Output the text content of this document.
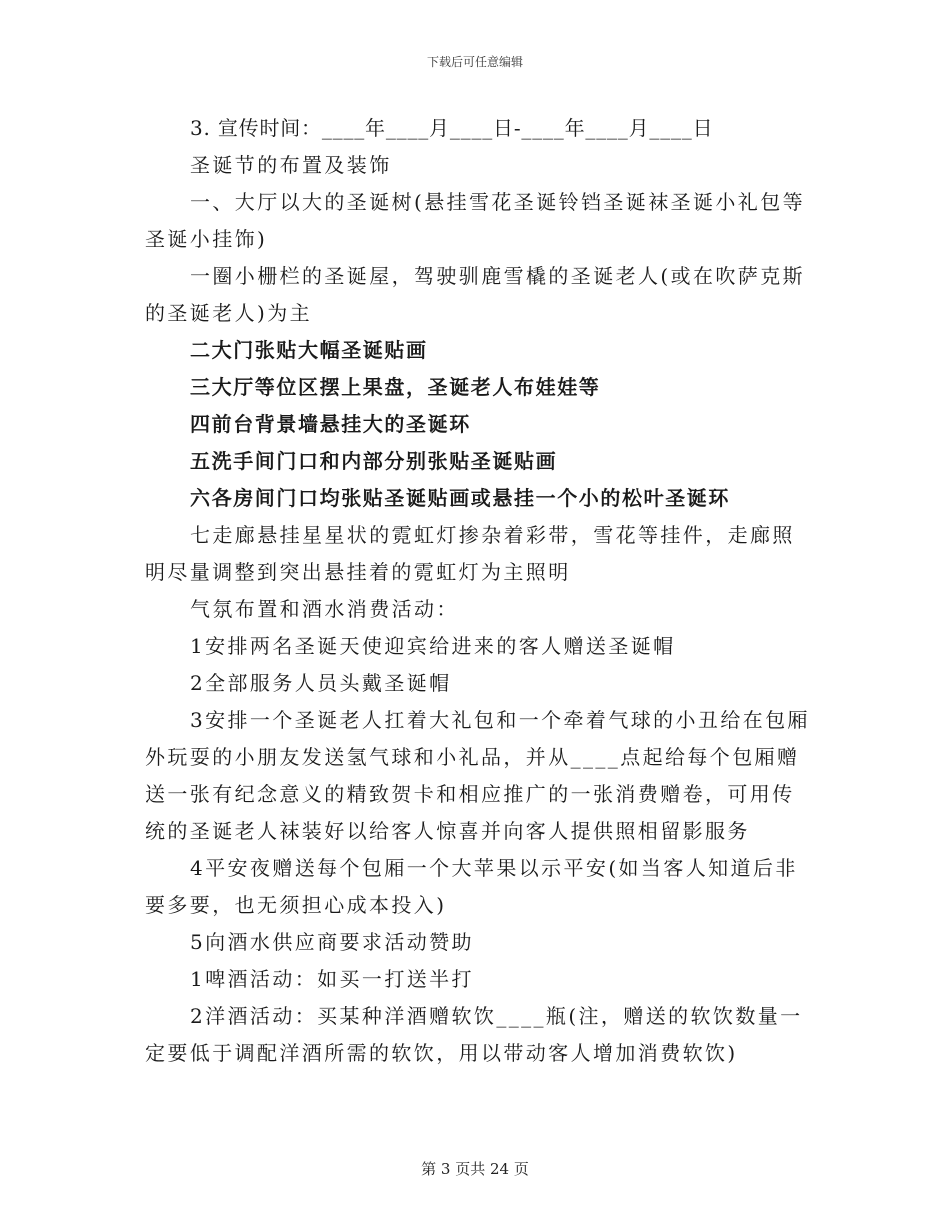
下载后可任意编辑

3. 宣传时间：____年____月____日-____年____月____日

圣诞节的布置及装饰

一、大厅以大的圣诞树(悬挂雪花圣诞铃铛圣诞袜圣诞小礼包等圣诞小挂饰)

一圈小栅栏的圣诞屋，驾驶驯鹿雪橇的圣诞老人(或在吹萨克斯的圣诞老人)为主

二大门张贴大幅圣诞贴画

三大厅等位区摆上果盘，圣诞老人布娃娃等

四前台背景墙悬挂大的圣诞环

五洗手间门口和内部分别张贴圣诞贴画

六各房间门口均张贴圣诞贴画或悬挂一个小的松叶圣诞环

七走廊悬挂星星状的霓虹灯掺杂着彩带，雪花等挂件，走廊照明尽量调整到突出悬挂着的霓虹灯为主照明

气氛布置和酒水消费活动：

1安排两名圣诞天使迎宾给进来的客人赠送圣诞帽

2全部服务人员头戴圣诞帽

3安排一个圣诞老人扛着大礼包和一个牵着气球的小丑给在包厢外玩耍的小朋友发送氢气球和小礼品，并从____点起给每个包厢赠送一张有纪念意义的精致贺卡和相应推广的一张消费赠卷，可用传统的圣诞老人袜装好以给客人惊喜并向客人提供照相留影服务

4平安夜赠送每个包厢一个大苹果以示平安(如当客人知道后非要多要，也无须担心成本投入)

5向酒水供应商要求活动赞助

1啤酒活动：如买一打送半打

2洋酒活动：买某种洋酒赠软饮____瓶(注，赠送的软饮数量一定要低于调配洋酒所需的软饮，用以带动客人增加消费软饮)

第 3 页共 24 页
